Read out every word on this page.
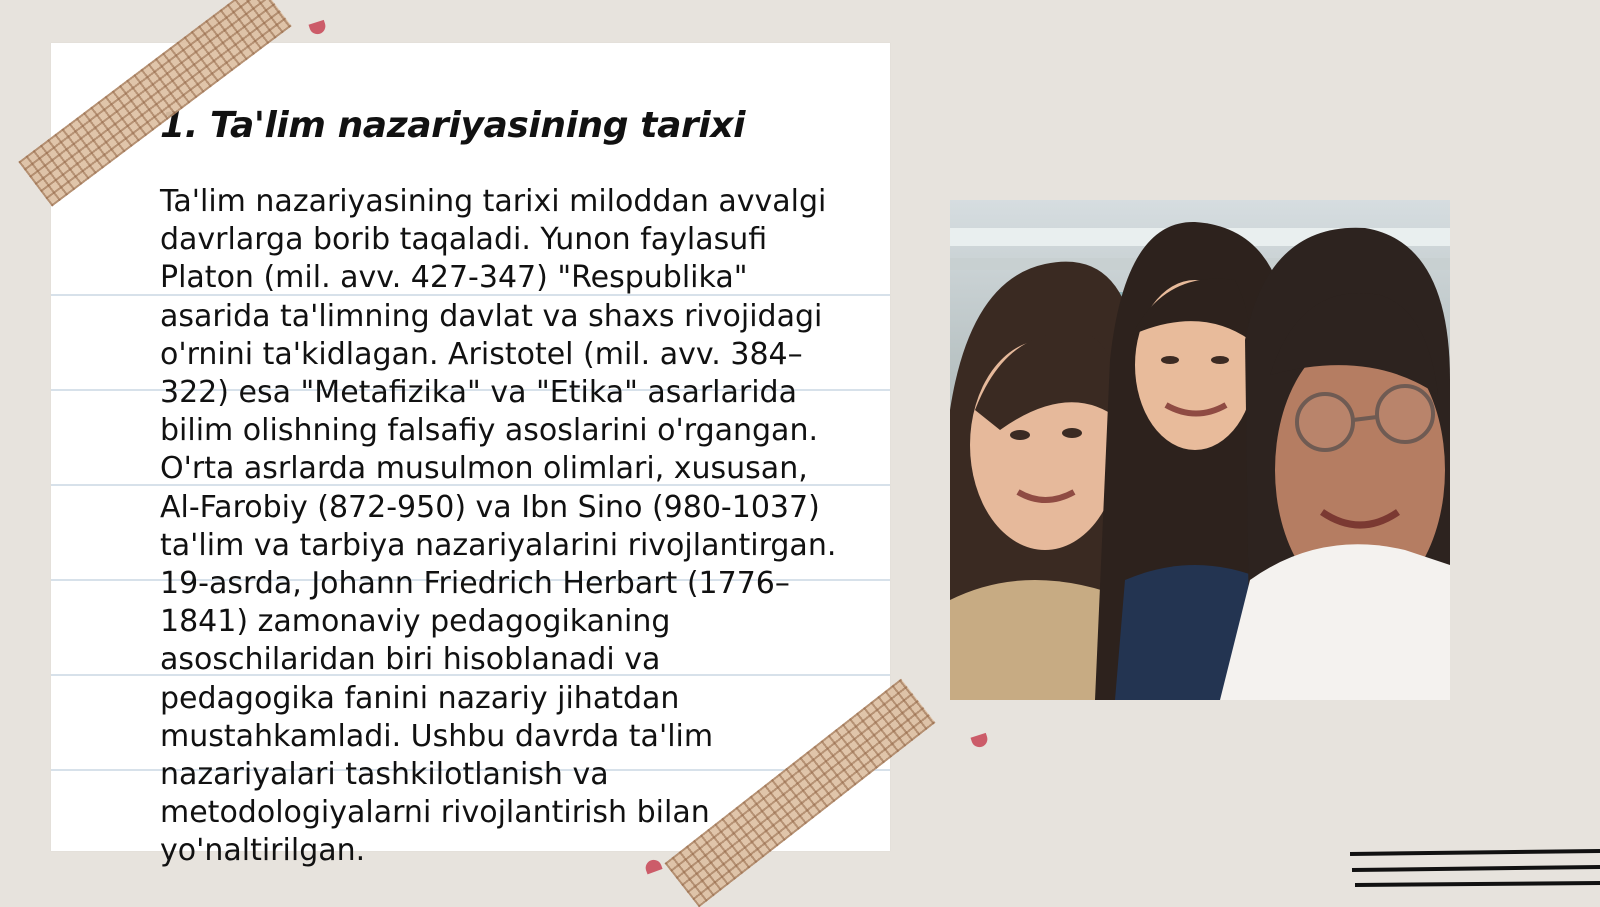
1. Ta'lim nazariyasining tarixi

Ta'lim nazariyasining tarixi miloddan avvalgi davrlarga borib taqaladi. Yunon faylasufi Platon (mil. avv. 427-347) "Respublika" asarida ta'limning davlat va shaxs rivojidagi o'rnini ta'kidlagan. Aristotel (mil. avv. 384–322) esa "Metafizika" va "Etika" asarlarida bilim olishning falsafiy asoslarini o'rgangan. O'rta asrlarda musulmon olimlari, xususan, Al-Farobiy (872-950) va Ibn Sino (980-1037) ta'lim va tarbiya nazariyalarini rivojlantirgan. 19-asrda, Johann Friedrich Herbart (1776–1841) zamonaviy pedagogikaning asoschilaridan biri hisoblanadi va pedagogika fanini nazariy jihatdan mustahkamladi. Ushbu davrda ta'lim nazariyalari tashkilotlanish va metodologiyalarni rivojlantirish bilan yo'naltirilgan.
